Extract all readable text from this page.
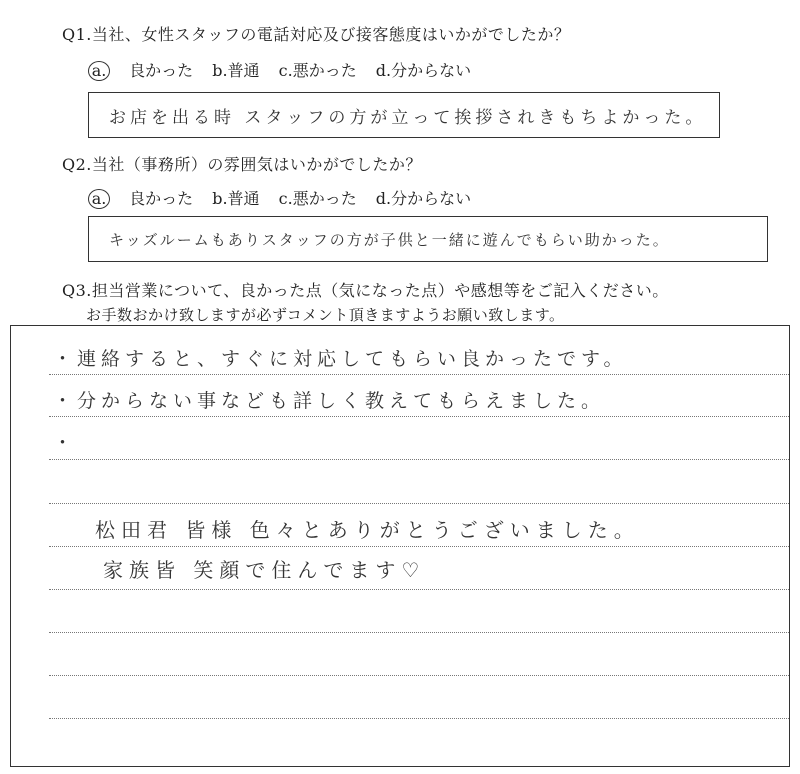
Q1.当社、女性スタッフの電話対応及び接客態度はいかがでしたか？
a. 良かった b.普通 c.悪かった d.分からない
お店を出る時 スタッフの方が立って挨拶されきもちよかった。
Q2.当社（事務所）の雰囲気はいかがでしたか？
a. 良かった b.普通 c.悪かった d.分からない
キッズルームもありスタッフの方が子供と一緒に遊んでもらい助かった。
Q3.担当営業について、良かった点（気になった点）や感想等をご記入ください。
お手数おかけ致しますが必ずコメント頂きますようお願い致します。
・連絡すると、すぐに対応してもらい良かったです。
・分からない事なども詳しく教えてもらえました。
・
松田君 皆様 色々とありがとうございました。
家族皆 笑顔で住んでます♡
